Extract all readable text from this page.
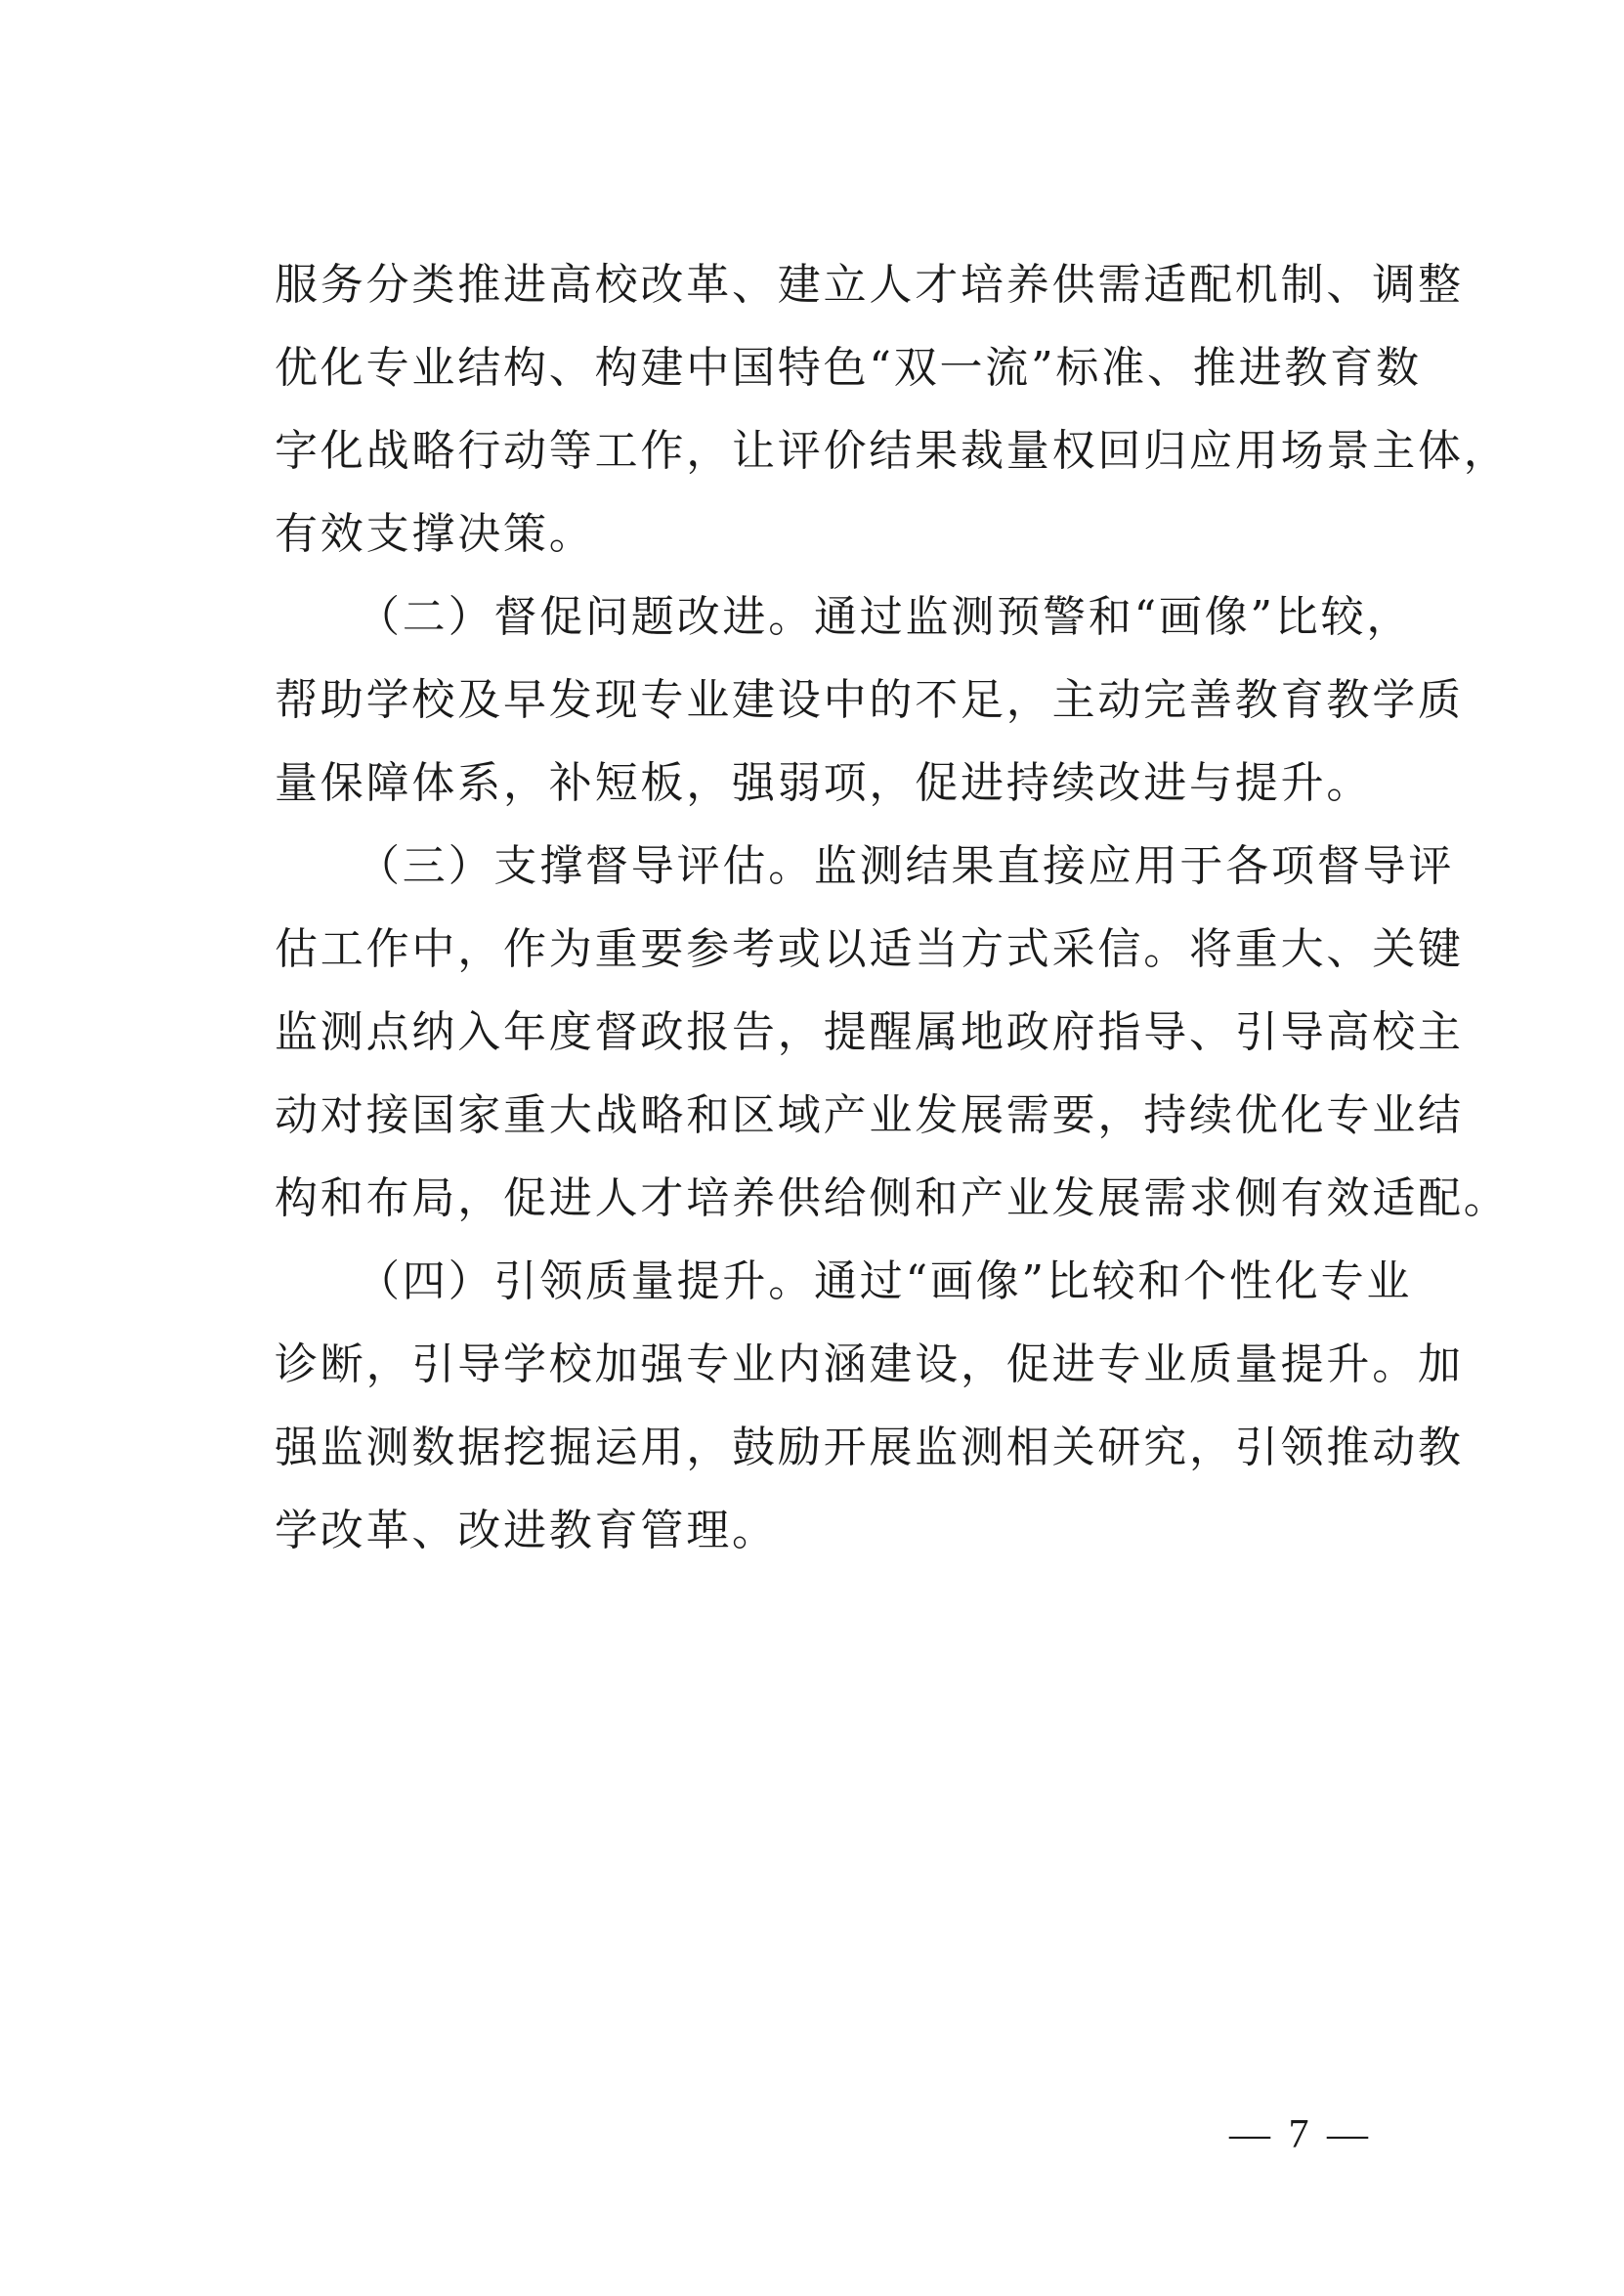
服务分类推进高校改革、建立人才培养供需适配机制、调整
优化专业结构、构建中国特色“双一流”标准、推进教育数
字化战略行动等工作，让评价结果裁量权回归应用场景主体，
有效支撑决策。
（二）督促问题改进。通过监测预警和“画像”比较，
帮助学校及早发现专业建设中的不足，主动完善教育教学质
量保障体系，补短板，强弱项，促进持续改进与提升。
（三）支撑督导评估。监测结果直接应用于各项督导评
估工作中，作为重要参考或以适当方式采信。将重大、关键
监测点纳入年度督政报告，提醒属地政府指导、引导高校主
动对接国家重大战略和区域产业发展需要，持续优化专业结
构和布局，促进人才培养供给侧和产业发展需求侧有效适配。
（四）引领质量提升。通过“画像”比较和个性化专业
诊断，引导学校加强专业内涵建设，促进专业质量提升。加
强监测数据挖掘运用，鼓励开展监测相关研究，引领推动教
学改革、改进教育管理。
— 7 —
